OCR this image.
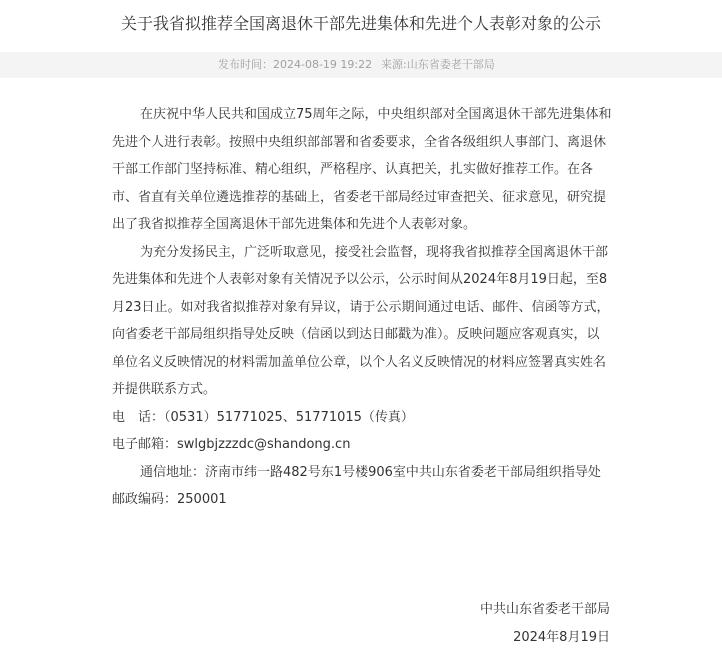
关于我省拟推荐全国离退休干部先进集体和先进个人表彰对象的公示
发布时间：2024-08-19 19:22 来源:山东省委老干部局

在庆祝中华人民共和国成立75周年之际，中央组织部对全国离退休干部先进集体和先进个人进行表彰。按照中央组织部部署和省委要求，全省各级组织人事部门、离退休干部工作部门坚持标准、精心组织，严格程序、认真把关，扎实做好推荐工作。在各市、省直有关单位遴选推荐的基础上，省委老干部局经过审查把关、征求意见，研究提出了我省拟推荐全国离退休干部先进集体和先进个人表彰对象。

为充分发扬民主，广泛听取意见，接受社会监督，现将我省拟推荐全国离退休干部先进集体和先进个人表彰对象有关情况予以公示，公示时间从2024年8月19日起，至8月23日止。如对我省拟推荐对象有异议，请于公示期间通过电话、邮件、信函等方式，向省委老干部局组织指导处反映（信函以到达日邮戳为准）。反映问题应客观真实，以单位名义反映情况的材料需加盖单位公章，以个人名义反映情况的材料应签署真实姓名并提供联系方式。

电　话：（0531）51771025、51771015（传真）

电子邮箱：swlgbjzzzdc@shandong.cn

通信地址：济南市纬一路482号东1号楼906室中共山东省委老干部局组织指导处

邮政编码：250001

中共山东省委老干部局
2024年8月19日
